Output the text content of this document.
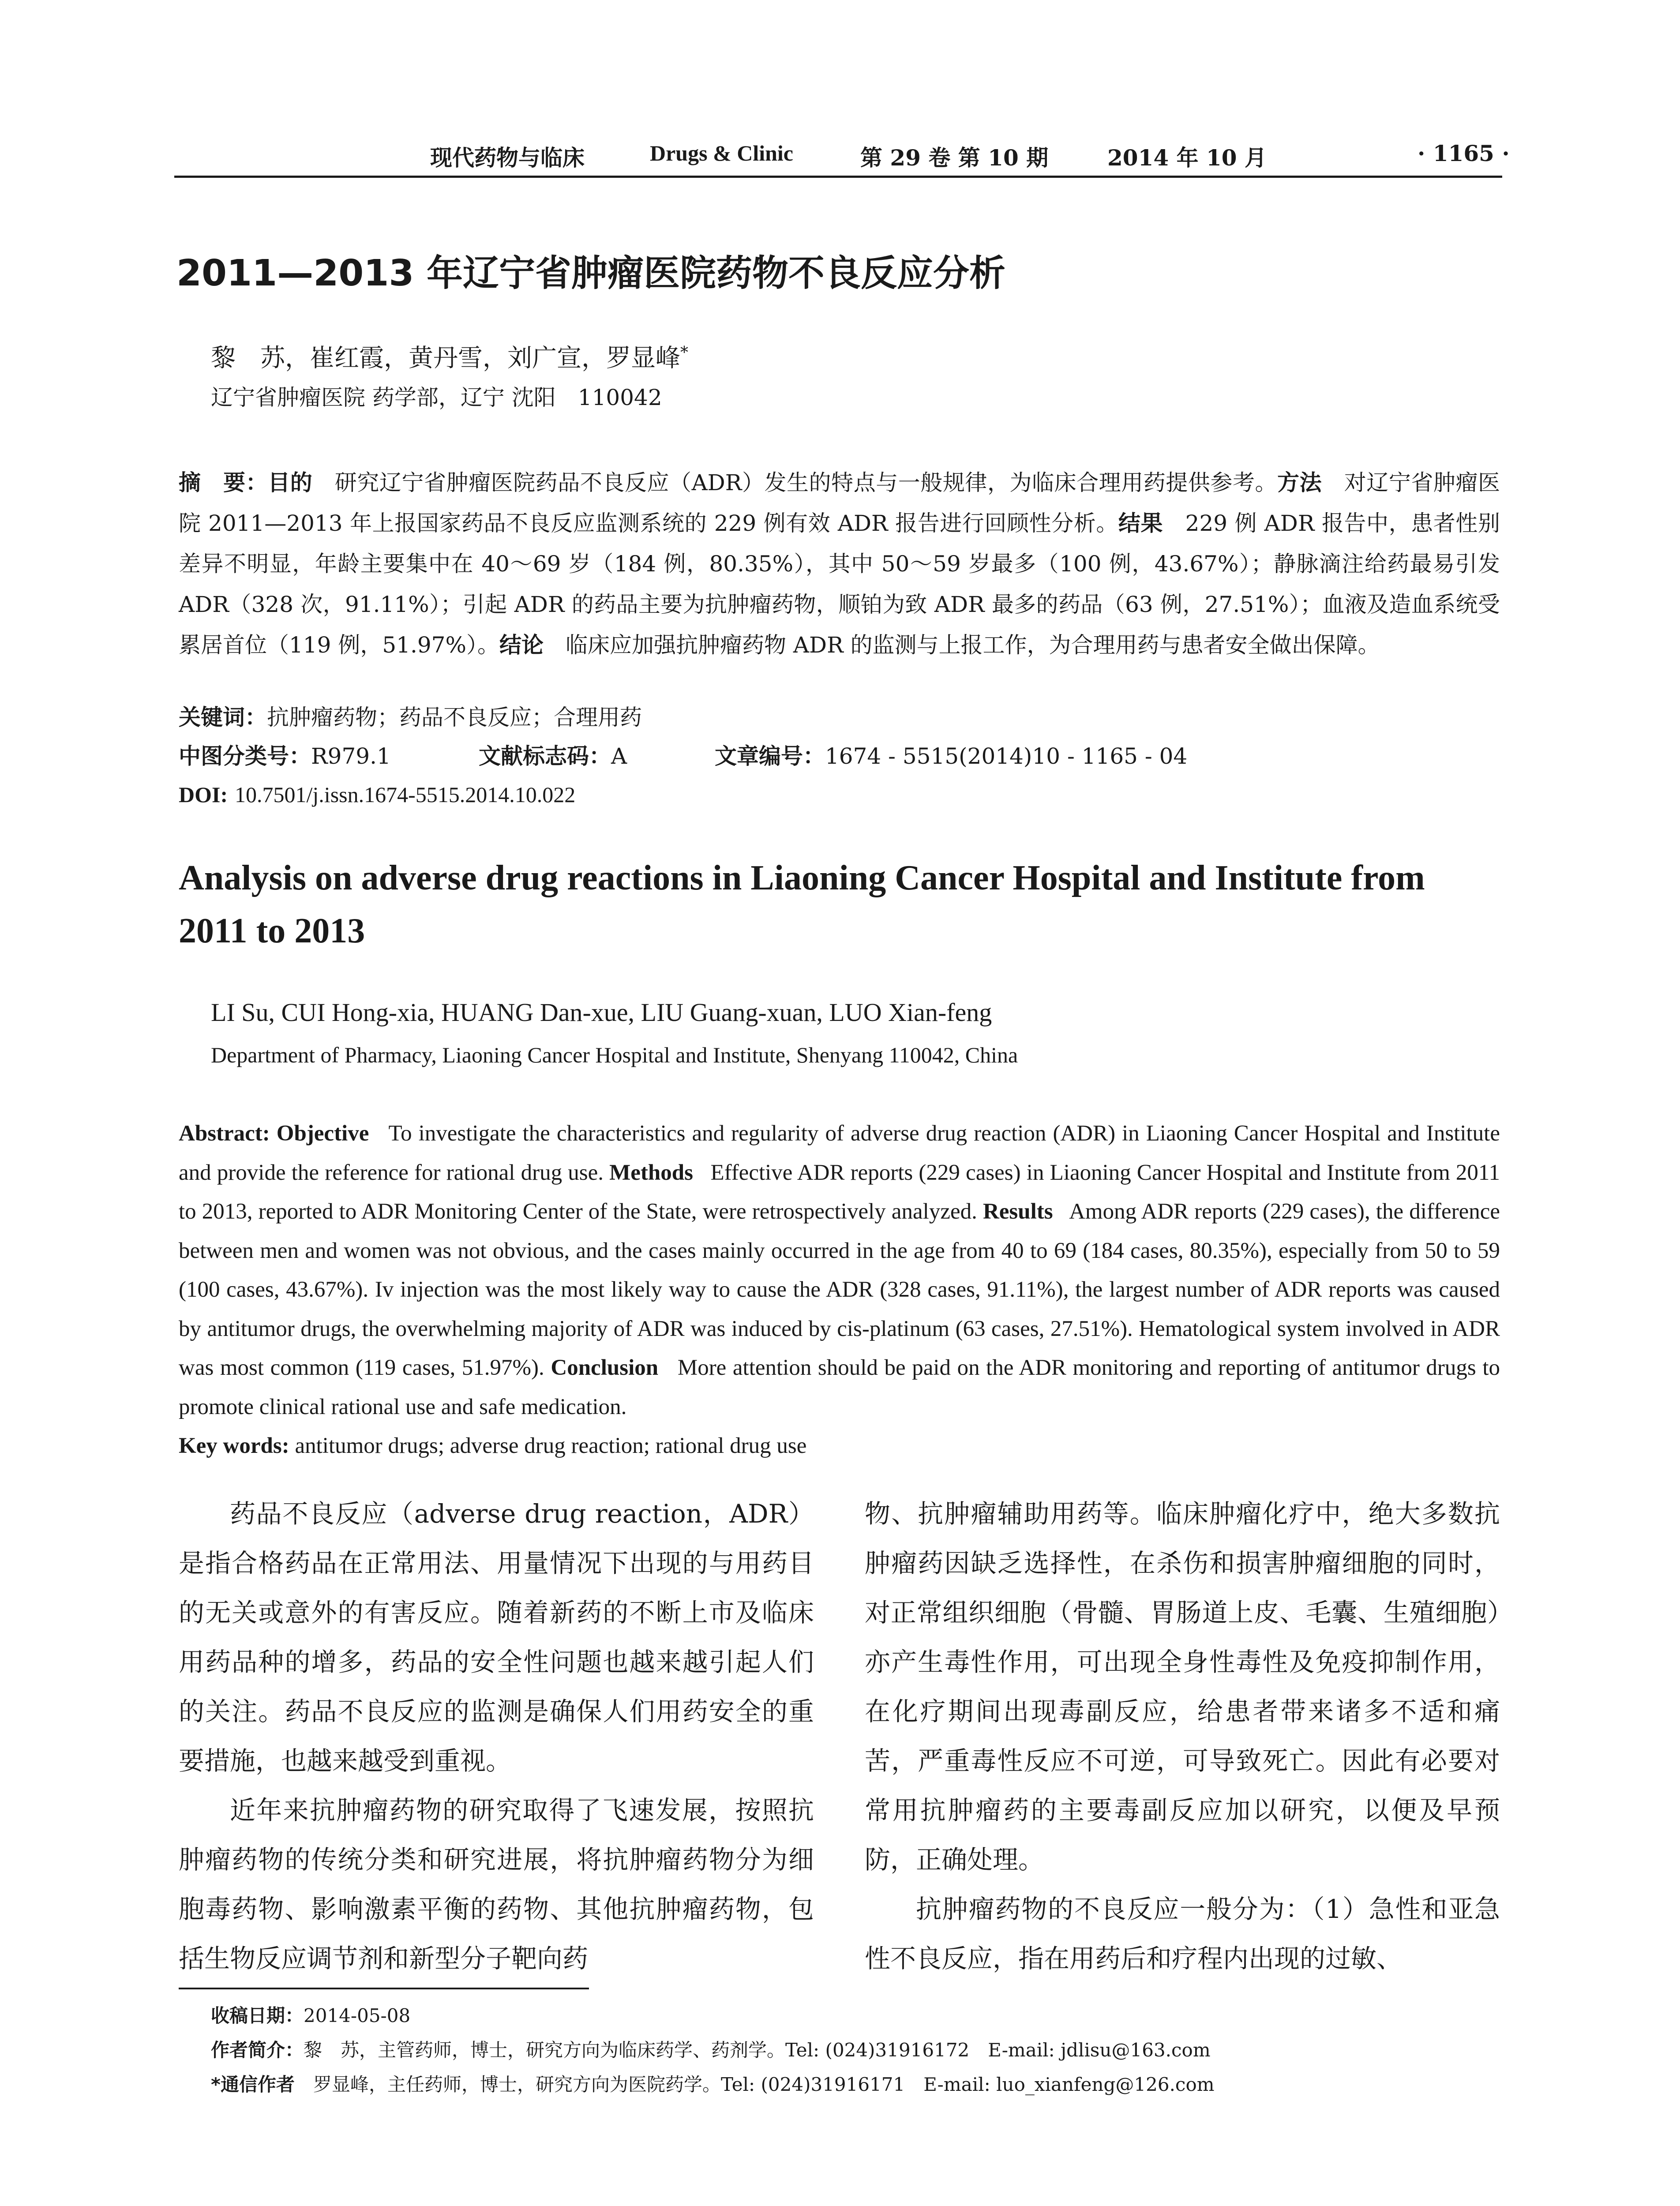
现代药物与临床	Drugs & Clinic	第 29 卷 第 10 期	2014 年 10 月	· 1165 ·
2011—2013 年辽宁省肿瘤医院药物不良反应分析
黎　苏，崔红霞，黄丹雪，刘广宣，罗显峰*
辽宁省肿瘤医院 药学部，辽宁 沈阳　110042
摘　要：目的　 研究辽宁省肿瘤医院药品不良反应（ADR）发生的特点与一般规律，为临床合理用药提供参考。方法　 对辽宁省肿瘤医院 2011—2013 年上报国家药品不良反应监测系统的 229 例有效 ADR 报告进行回顾性分析。结果　 229 例 ADR 报告中，患者性别差异不明显，年龄主要集中在 40～69 岁（184 例，80.35%），其中 50～59 岁最多（100 例，43.67%）；静脉滴注给药最易引发 ADR（328 次，91.11%）；引起 ADR 的药品主要为抗肿瘤药物，顺铂为致 ADR 最多的药品（63 例，27.51%）；血液及造血系统受累居首位（119 例，51.97%）。结论　 临床应加强抗肿瘤药物 ADR 的监测与上报工作，为合理用药与患者安全做出保障。
关键词：抗肿瘤药物；药品不良反应；合理用药
中图分类号： R979.1	文献标志码： A	文章编号： 1674 - 5515(2014)10 - 1165 - 04
DOI: 10.7501/j.issn.1674-5515.2014.10.022
Analysis on adverse drug reactions in Liaoning Cancer Hospital and Institute from 2011 to 2013
LI Su, CUI Hong-xia, HUANG Dan-xue, LIU Guang-xuan, LUO Xian-feng
Department of Pharmacy, Liaoning Cancer Hospital and Institute, Shenyang 110042, China
Abstract: Objective To investigate the characteristics and regularity of adverse drug reaction (ADR) in Liaoning Cancer Hospital and Institute and provide the reference for rational drug use. Methods Effective ADR reports (229 cases) in Liaoning Cancer Hospital and Institute from 2011 to 2013, reported to ADR Monitoring Center of the State, were retrospectively analyzed. Results Among ADR reports (229 cases), the difference between men and women was not obvious, and the cases mainly occurred in the age from 40 to 69 (184 cases, 80.35%), especially from 50 to 59 (100 cases, 43.67%). Iv injection was the most likely way to cause the ADR (328 cases, 91.11%), the largest number of ADR reports was caused by antitumor drugs, the overwhelming majority of ADR was induced by cis-platinum (63 cases, 27.51%). Hematological system involved in ADR was most common (119 cases, 51.97%). Conclusion More attention should be paid on the ADR monitoring and reporting of antitumor drugs to promote clinical rational use and safe medication.
Key words: antitumor drugs; adverse drug reaction; rational drug use

药品不良反应（adverse drug reaction，ADR）是指合格药品在正常用法、用量情况下出现的与用药目的无关或意外的有害反应。随着新药的不断上市及临床用药品种的增多，药品的安全性问题也越来越引起人们的关注。药品不良反应的监测是确保人们用药安全的重要措施，也越来越受到重视。

近年来抗肿瘤药物的研究取得了飞速发展，按照抗肿瘤药物的传统分类和研究进展，将抗肿瘤药物分为细胞毒药物、影响激素平衡的药物、其他抗肿瘤药物，包括生物反应调节剂和新型分子靶向药

物、抗肿瘤辅助用药等。临床肿瘤化疗中，绝大多数抗肿瘤药因缺乏选择性，在杀伤和损害肿瘤细胞的同时，对正常组织细胞（骨髓、胃肠道上皮、毛囊、生殖细胞）亦产生毒性作用，可出现全身性毒性及免疫抑制作用，在化疗期间出现毒副反应，给患者带来诸多不适和痛苦，严重毒性反应不可逆，可导致死亡。因此有必要对常用抗肿瘤药的主要毒副反应加以研究，以便及早预防，正确处理。

抗肿瘤药物的不良反应一般分为：（1）急性和亚急性不良反应，指在用药后和疗程内出现的过敏、

收稿日期：2014-05-08
作者简介：黎　苏，主管药师，博士，研究方向为临床药学、药剂学。Tel: (024)31916172　E-mail: jdlisu@163.com
*通信作者　 罗显峰，主任药师，博士，研究方向为医院药学。Tel: (024)31916171　E-mail: luo_xianfeng@126.com
